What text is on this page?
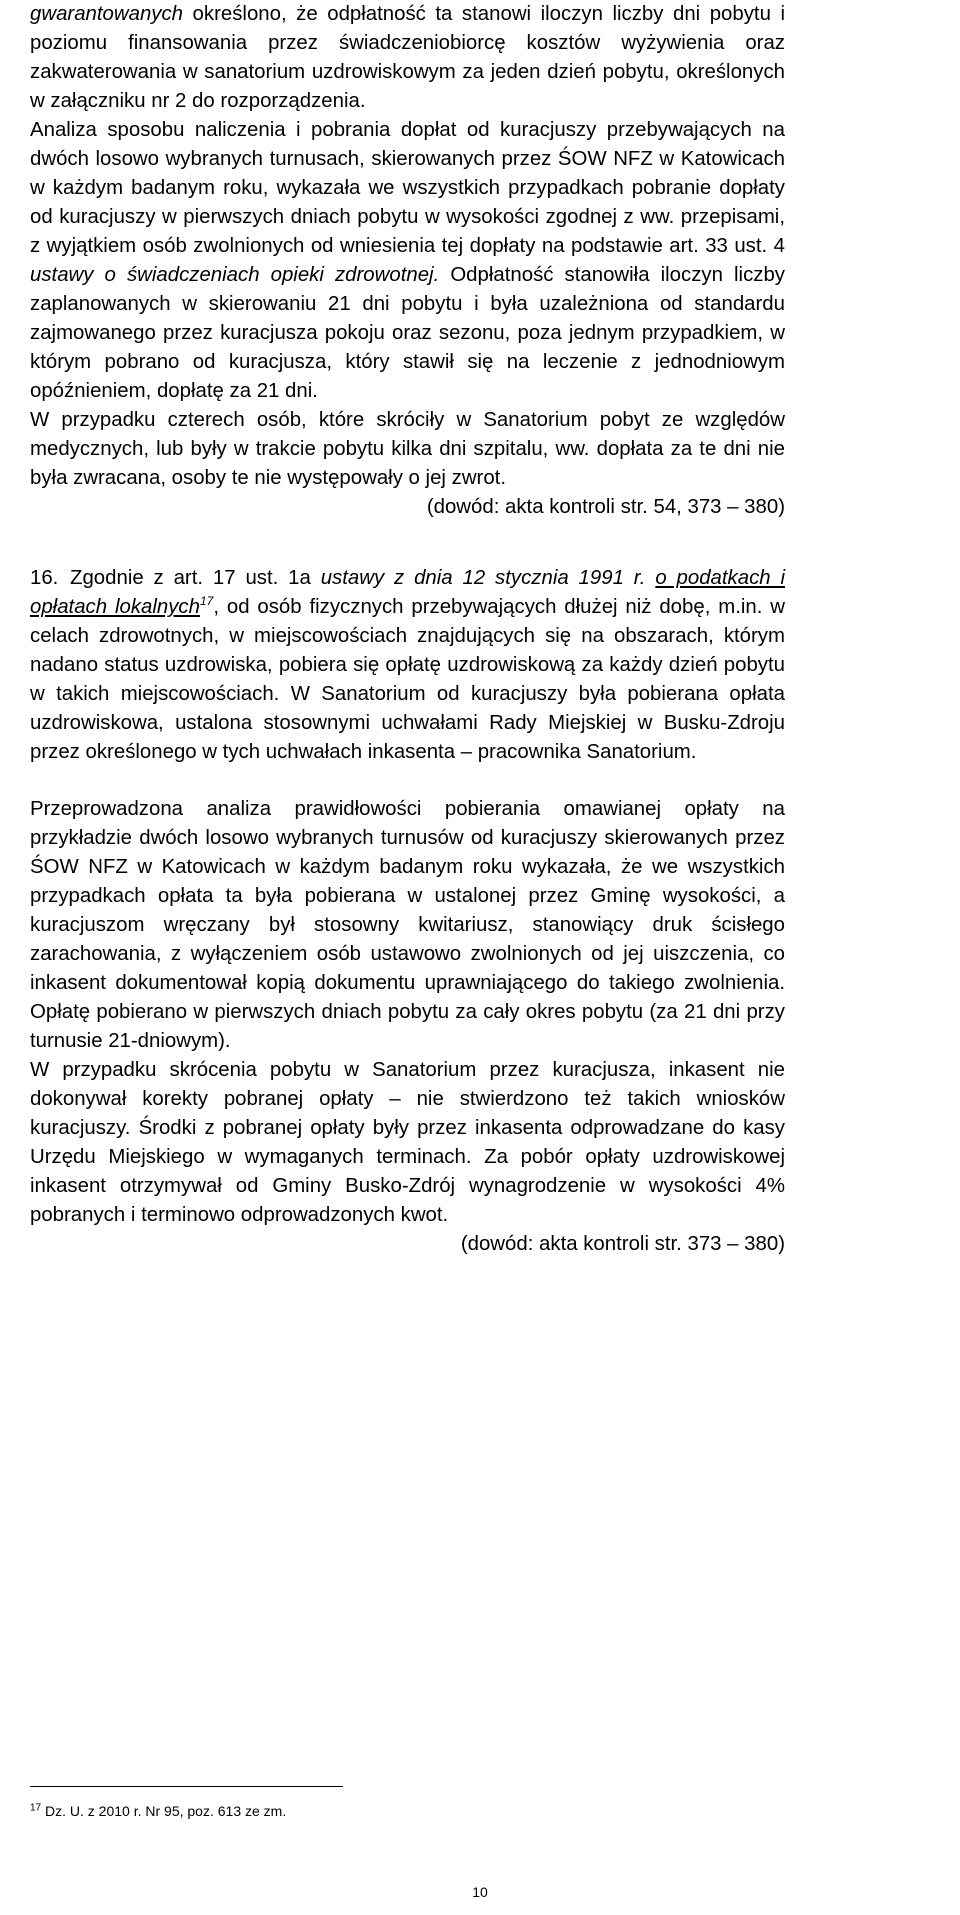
gwarantowanych określono, że odpłatność ta stanowi iloczyn liczby dni pobytu i poziomu finansowania przez świadczeniobiorcę kosztów wyżywienia oraz zakwaterowania w sanatorium uzdrowiskowym za jeden dzień pobytu, określonych w załączniku nr 2 do rozporządzenia.

Analiza sposobu naliczenia i pobrania dopłat od kuracjuszy przebywających na dwóch losowo wybranych turnusach, skierowanych przez ŚOW NFZ w Katowicach w każdym badanym roku, wykazała we wszystkich przypadkach pobranie dopłaty od kuracjuszy w pierwszych dniach pobytu w wysokości zgodnej z ww. przepisami, z wyjątkiem osób zwolnionych od wniesienia tej dopłaty na podstawie art. 33 ust. 4 ustawy o świadczeniach opieki zdrowotnej. Odpłatność stanowiła iloczyn liczby zaplanowanych w skierowaniu 21 dni pobytu i była uzależniona od standardu zajmowanego przez kuracjusza pokoju oraz sezonu, poza jednym przypadkiem, w którym pobrano od kuracjusza, który stawił się na leczenie z jednodniowym opóźnieniem, dopłatę za 21 dni.

W przypadku czterech osób, które skróciły w Sanatorium pobyt ze względów medycznych, lub były w trakcie pobytu kilka dni szpitalu, ww. dopłata za te dni nie była zwracana, osoby te nie występowały o jej zwrot.

(dowód: akta kontroli str. 54, 373 – 380)
16. Zgodnie z art. 17 ust. 1a ustawy z dnia 12 stycznia 1991 r. o podatkach i opłatach lokalnych$^{17}$, od osób fizycznych przebywających dłużej niż dobę, m.in. w celach zdrowotnych, w miejscowościach znajdujących się na obszarach, którym nadano status uzdrowiska, pobiera się opłatę uzdrowiskową za każdy dzień pobytu w takich miejscowościach. W Sanatorium od kuracjuszy była pobierana opłata uzdrowiskowa, ustalona stosownymi uchwałami Rady Miejskiej w Busku-Zdroju przez określonego w tych uchwałach inkasenta – pracownika Sanatorium.

Przeprowadzona analiza prawidłowości pobierania omawianej opłaty na przykładzie dwóch losowo wybranych turnusów od kuracjuszy skierowanych przez ŚOW NFZ w Katowicach w każdym badanym roku wykazała, że we wszystkich przypadkach opłata ta była pobierana w ustalonej przez Gminę wysokości, a kuracjuszom wręczany był stosowny kwitariusz, stanowiący druk ścisłego zarachowania, z wyłączeniem osób ustawowo zwolnionych od jej uiszczenia, co inkasent dokumentował kopią dokumentu uprawniającego do takiego zwolnienia. Opłatę pobierano w pierwszych dniach pobytu za cały okres pobytu (za 21 dni przy turnusie 21-dniowym).

W przypadku skrócenia pobytu w Sanatorium przez kuracjusza, inkasent nie dokonywał korekty pobranej opłaty – nie stwierdzono też takich wniosków kuracjuszy. Środki z pobranej opłaty były przez inkasenta odprowadzane do kasy Urzędu Miejskiego w wymaganych terminach. Za pobór opłaty uzdrowiskowej inkasent otrzymywał od Gminy Busko-Zdrój wynagrodzenie w wysokości 4% pobranych i terminowo odprowadzonych kwot.

(dowód: akta kontroli str. 373 – 380)
$^{17}$ Dz. U. z 2010 r. Nr 95, poz. 613 ze zm.
10
